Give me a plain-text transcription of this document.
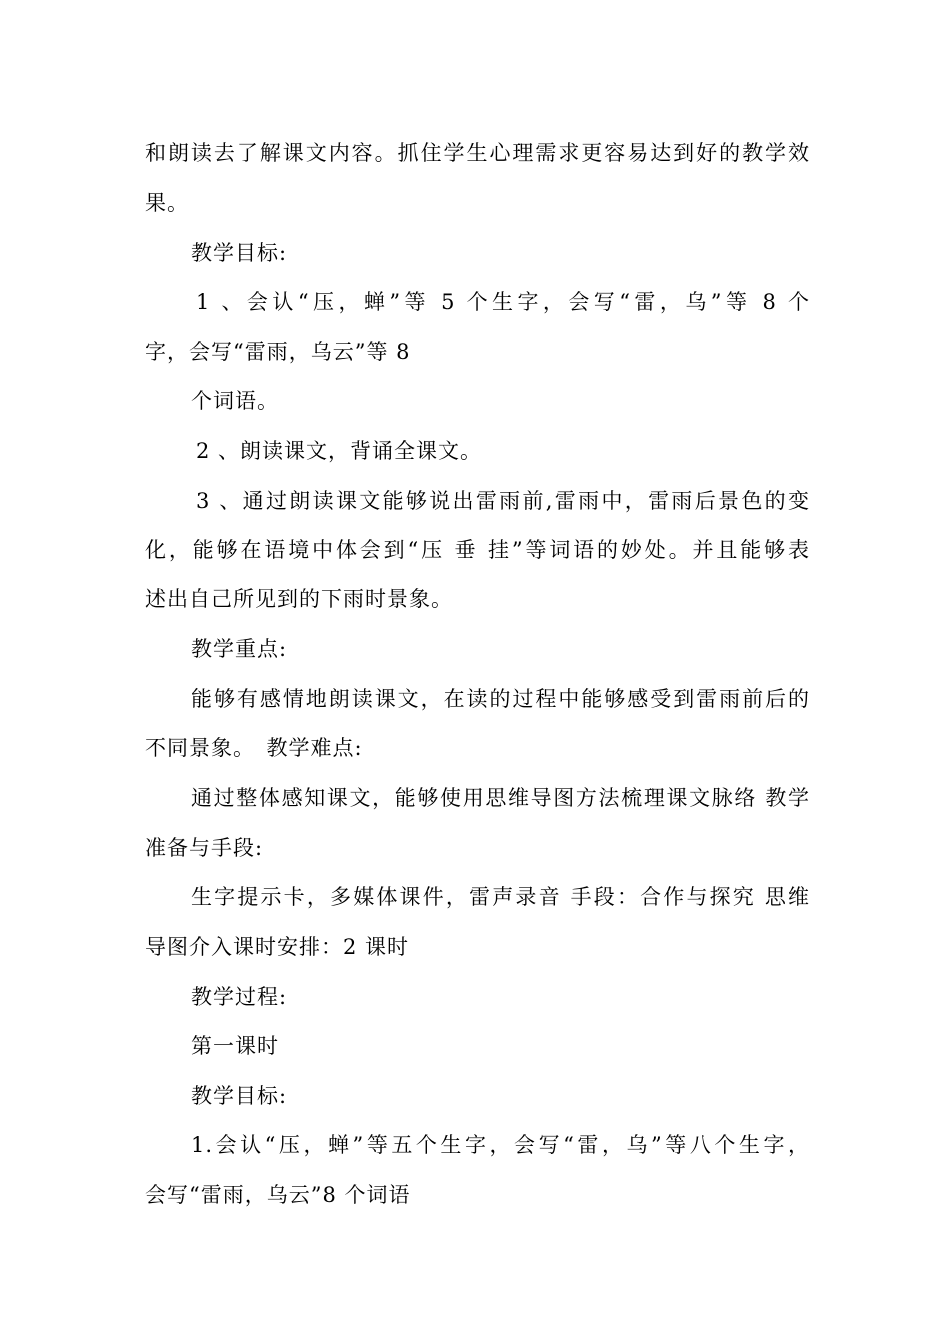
和朗读去了解课文内容。抓住学生心理需求更容易达到好的教学效
果。
教学目标:
1 、会认“压，蝉”等 5 个生字，会写“雷，乌”等 8 个
字，会写“雷雨，乌云”等 8
个词语。
2 、朗读课文，背诵全课文。
3 、通过朗读课文能够说出雷雨前,雷雨中，雷雨后景色的变
化，能够在语境中体会到“压 垂 挂”等词语的妙处。并且能够表
述出自己所见到的下雨时景象。
教学重点:
能够有感情地朗读课文，在读的过程中能够感受到雷雨前后的
不同景象。　教学难点:
通过整体感知课文，能够使用思维导图方法梳理课文脉络 教学
准备与手段:
生字提示卡，多媒体课件，雷声录音 手段：合作与探究 思维
导图介入课时安排：2 课时
教学过程:
第一课时
教学目标:
1.会认“压，蝉”等五个生字，会写“雷，乌”等八个生字，
会写“雷雨，乌云”8 个词语
